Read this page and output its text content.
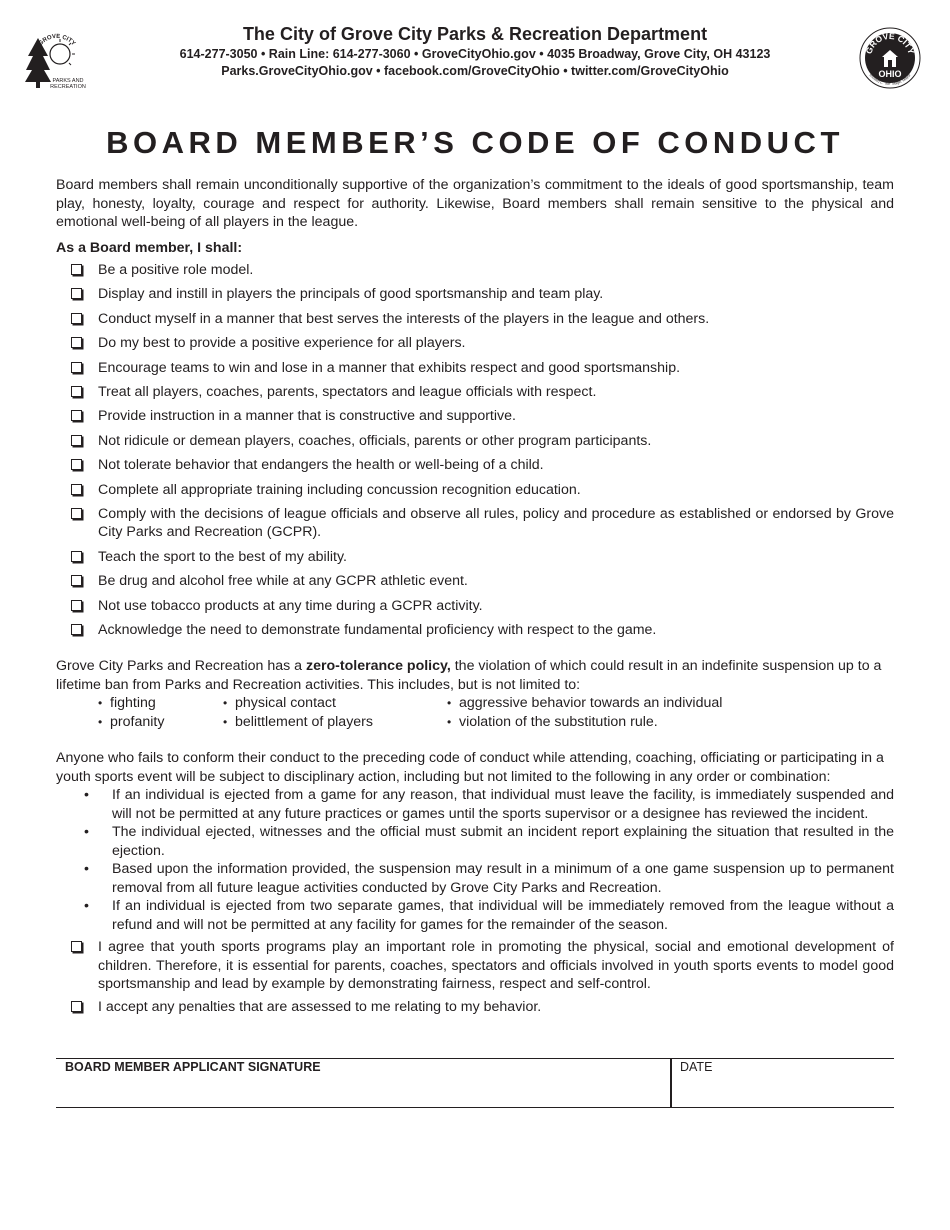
The City of Grove City Parks & Recreation Department
614-277-3050 • Rain Line: 614-277-3060 • GroveCityOhio.gov • 4035 Broadway, Grove City, OH 43123
Parks.GroveCityOhio.gov • facebook.com/GroveCityOhio • twitter.com/GroveCityOhio
GROVE CITY
PARKS AND
RECREATION
GROVE CITY
OHIO
Richard L. "Ike" Stage, Mayor
BOARD MEMBER’S CODE OF CONDUCT

Board members shall remain unconditionally supportive of the organization’s commitment to the ideals of good sportsmanship, team play, honesty, loyalty, courage and respect for authority. Likewise, Board members shall remain sensitive to the physical and emotional well-being of all players in the league.

As a Board member, I shall:

Be a positive role model.
Display and instill in players the principals of good sportsmanship and team play.
Conduct myself in a manner that best serves the interests of the players in the league and others.
Do my best to provide a positive experience for all players.
Encourage teams to win and lose in a manner that exhibits respect and good sportsmanship.
Treat all players, coaches, parents, spectators and league officials with respect.
Provide instruction in a manner that is constructive and supportive.
Not ridicule or demean players, coaches, officials, parents or other program participants.
Not tolerate behavior that endangers the health or well-being of a child.
Complete all appropriate training including concussion recognition education.
Comply with the decisions of league officials and observe all rules, policy and procedure as established or endorsed by Grove City Parks and Recreation (GCPR).
Teach the sport to the best of my ability.
Be drug and alcohol free while at any GCPR athletic event.
Not use tobacco products at any time during a GCPR activity.
Acknowledge the need to demonstrate fundamental proficiency with respect to the game.

Grove City Parks and Recreation has a zero-tolerance policy, the violation of which could result in an indefinite suspension up to a lifetime ban from Parks and Recreation activities. This includes, but is not limited to:

• fighting	• physical contact	• aggressive behavior towards an individual
• profanity	• belittlement of players	• violation of the substitution rule.

Anyone who fails to conform their conduct to the preceding code of conduct while attending, coaching, officiating or participating in a youth sports event will be subject to disciplinary action, including but not limited to the following in any order or combination:

• If an individual is ejected from a game for any reason, that individual must leave the facility, is immediately suspended and will not be permitted at any future practices or games until the sports supervisor or a designee has reviewed the incident.
• The individual ejected, witnesses and the official must submit an incident report explaining the situation that resulted in the ejection.
• Based upon the information provided, the suspension may result in a minimum of a one game suspension up to permanent removal from all future league activities conducted by Grove City Parks and Recreation.
• If an individual is ejected from two separate games, that individual will be immediately removed from the league without a refund and will not be permitted at any facility for games for the remainder of the season.
I agree that youth sports programs play an important role in promoting the physical, social and emotional development of children. Therefore, it is essential for parents, coaches, spectators and officials involved in youth sports events to model good sportsmanship and lead by example by demonstrating fairness, respect and self-control.
I accept any penalties that are assessed to me relating to my behavior.
BOARD MEMBER APPLICANT SIGNATURE	DATE
